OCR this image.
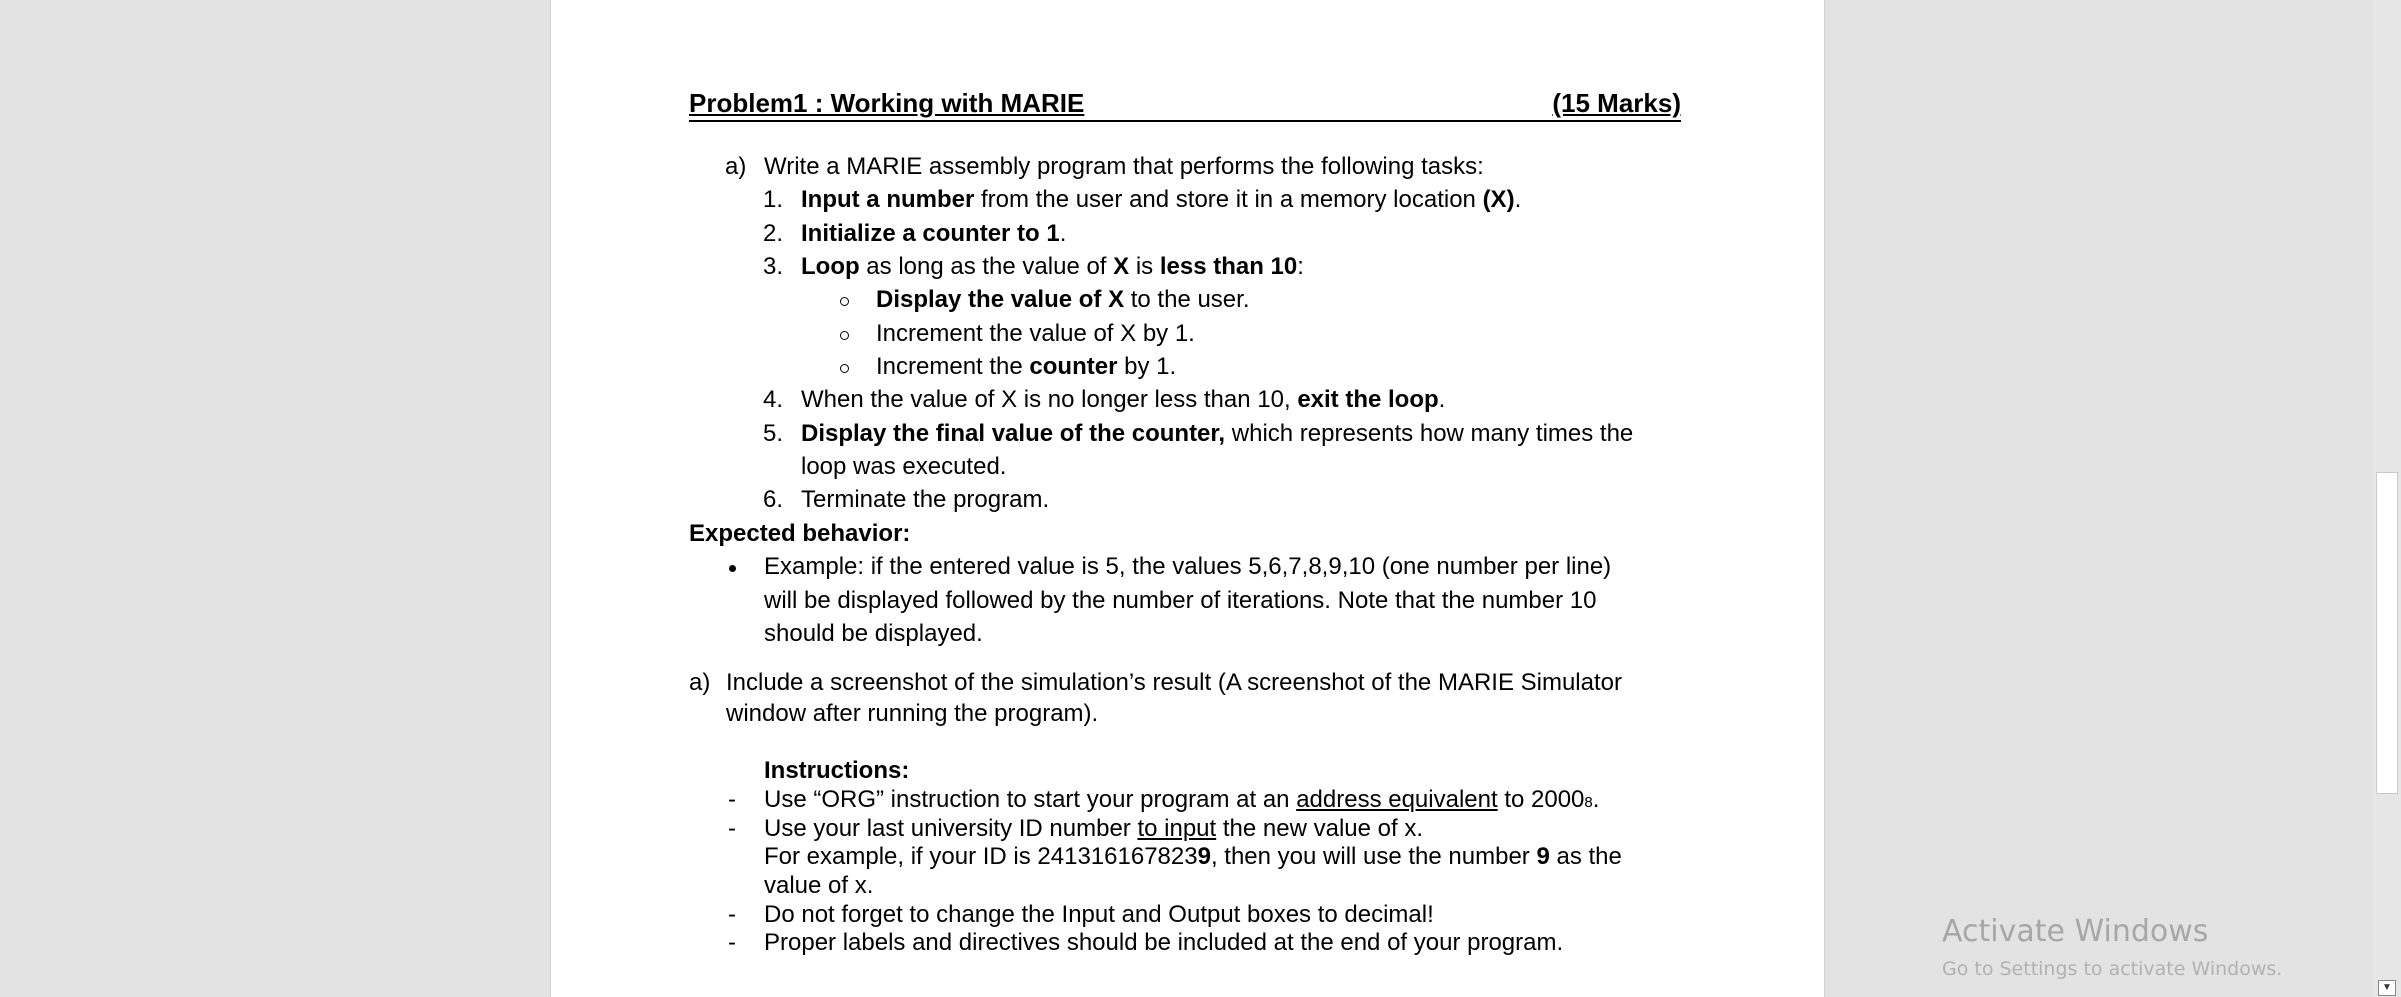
Problem1 : Working with MARIE	(15 Marks)
a) Write a MARIE assembly program that performs the following tasks:
1. Input a number from the user and store it in a memory location (X).
2. Initialize a counter to 1.
3. Loop as long as the value of X is less than 10:
Display the value of X to the user.
Increment the value of X by 1.
Increment the counter by 1.
4. When the value of X is no longer less than 10, exit the loop.
5. Display the final value of the counter, which represents how many times the
loop was executed.
6. Terminate the program.
Expected behavior:
Example: if the entered value is 5, the values 5,6,7,8,9,10 (one number per line)
will be displayed followed by the number of iterations. Note that the number 10
should be displayed.
a) Include a screenshot of the simulation’s result (A screenshot of the MARIE Simulator
window after running the program).
Instructions:
- Use “ORG” instruction to start your program at an address equivalent to 20008.
- Use your last university ID number to input the new value of x.
For example, if your ID is 2413161678239, then you will use the number 9 as the
value of x.
- Do not forget to change the Input and Output boxes to decimal!
- Proper labels and directives should be included at the end of your program.	Activate Windows
Go to Settings to activate Windows.
▼
